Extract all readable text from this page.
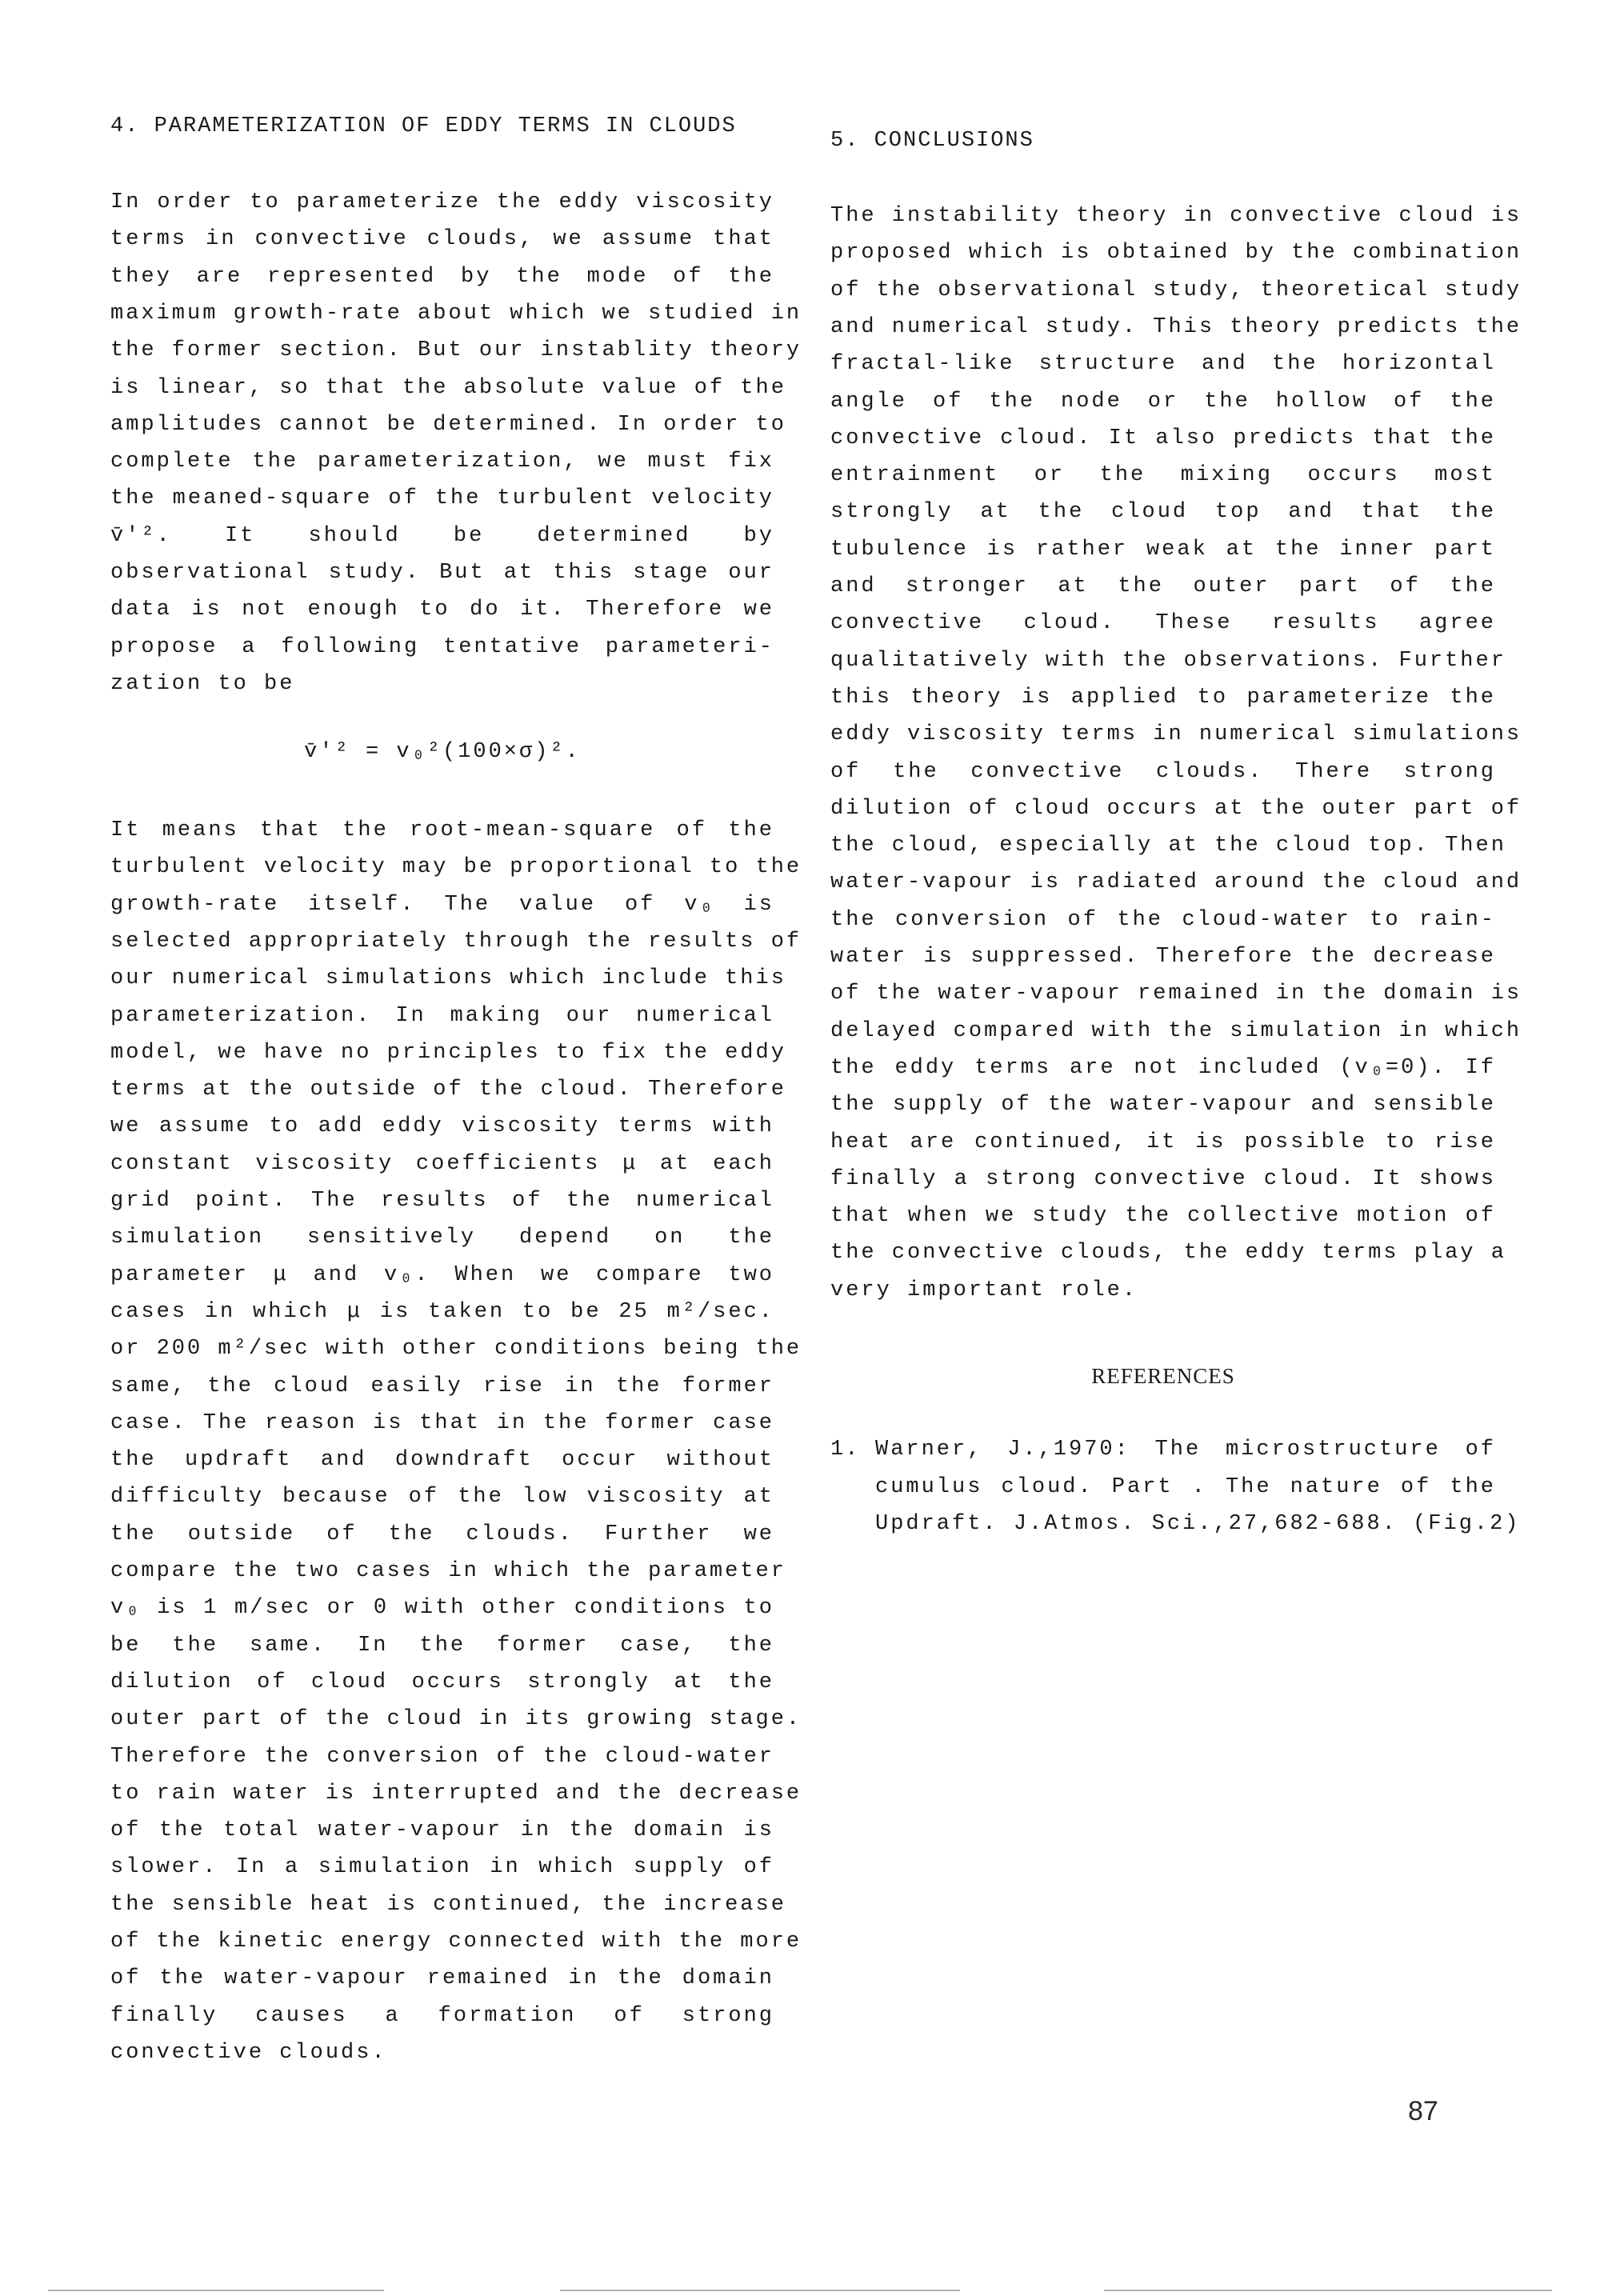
4. PARAMETERIZATION OF EDDY TERMS IN CLOUDS
In order to parameterize the eddy viscosity
terms in convective clouds, we assume that
they are represented by the mode of the
maximum growth-rate about which we studied in
the former section. But our instablity theory
is linear, so that the absolute value of the
amplitudes cannot be determined. In order to
complete the parameterization, we must fix
the meaned-square of the turbulent velocity
v̄′². It should be determined by
observational study. But at this stage our
data is not enough to do it. Therefore we
propose a following tentative parameteri-
zation to be
v̄′² = v₀²(100×σ)².
It means that the root-mean-square of the
turbulent velocity may be proportional to the
growth-rate itself. The value of v₀ is
selected appropriately through the results of
our numerical simulations which include this
parameterization. In making our numerical
model, we have no principles to fix the eddy
terms at the outside of the cloud. Therefore
we assume to add eddy viscosity terms with
constant viscosity coefficients μ at each
grid point. The results of the numerical
simulation sensitively depend on the
parameter μ and v₀. When we compare two
cases in which μ is taken to be 25 m²/sec.
or 200 m²/sec with other conditions being the
same, the cloud easily rise in the former
case. The reason is that in the former case
the updraft and downdraft occur without
difficulty because of the low viscosity at
the outside of the clouds. Further we
compare the two cases in which the parameter
v₀ is 1 m/sec or 0 with other conditions to
be the same. In the former case, the
dilution of cloud occurs strongly at the
outer part of the cloud in its growing stage.
Therefore the conversion of the cloud-water
to rain water is interrupted and the decrease
of the total water-vapour in the domain is
slower. In a simulation in which supply of
the sensible heat is continued, the increase
of the kinetic energy connected with the more
of the water-vapour remained in the domain
finally causes a formation of strong
convective clouds.
5. CONCLUSIONS
The instability theory in convective cloud is
proposed which is obtained by the combination
of the observational study, theoretical study
and numerical study. This theory predicts the
fractal-like structure and the horizontal
angle of the node or the hollow of the
convective cloud. It also predicts that the
entrainment or the mixing occurs most
strongly at the cloud top and that the
tubulence is rather weak at the inner part
and stronger at the outer part of the
convective cloud. These results agree
qualitatively with the observations. Further
this theory is applied to parameterize the
eddy viscosity terms in numerical simulations
of the convective clouds. There strong
dilution of cloud occurs at the outer part of
the cloud, especially at the cloud top. Then
water-vapour is radiated around the cloud and
the conversion of the cloud-water to rain-
water is suppressed. Therefore the decrease
of the water-vapour remained in the domain is
delayed compared with the simulation in which
the eddy terms are not included (v₀=0). If
the supply of the water-vapour and sensible
heat are continued, it is possible to rise
finally a strong convective cloud. It shows
that when we study the collective motion of
the convective clouds, the eddy terms play a
very important role.
REFERENCES
1. Warner, J.,1970: The microstructure of
cumulus cloud. Part . The nature of the
Updraft. J.Atmos. Sci.,27,682-688. (Fig.2)
87
